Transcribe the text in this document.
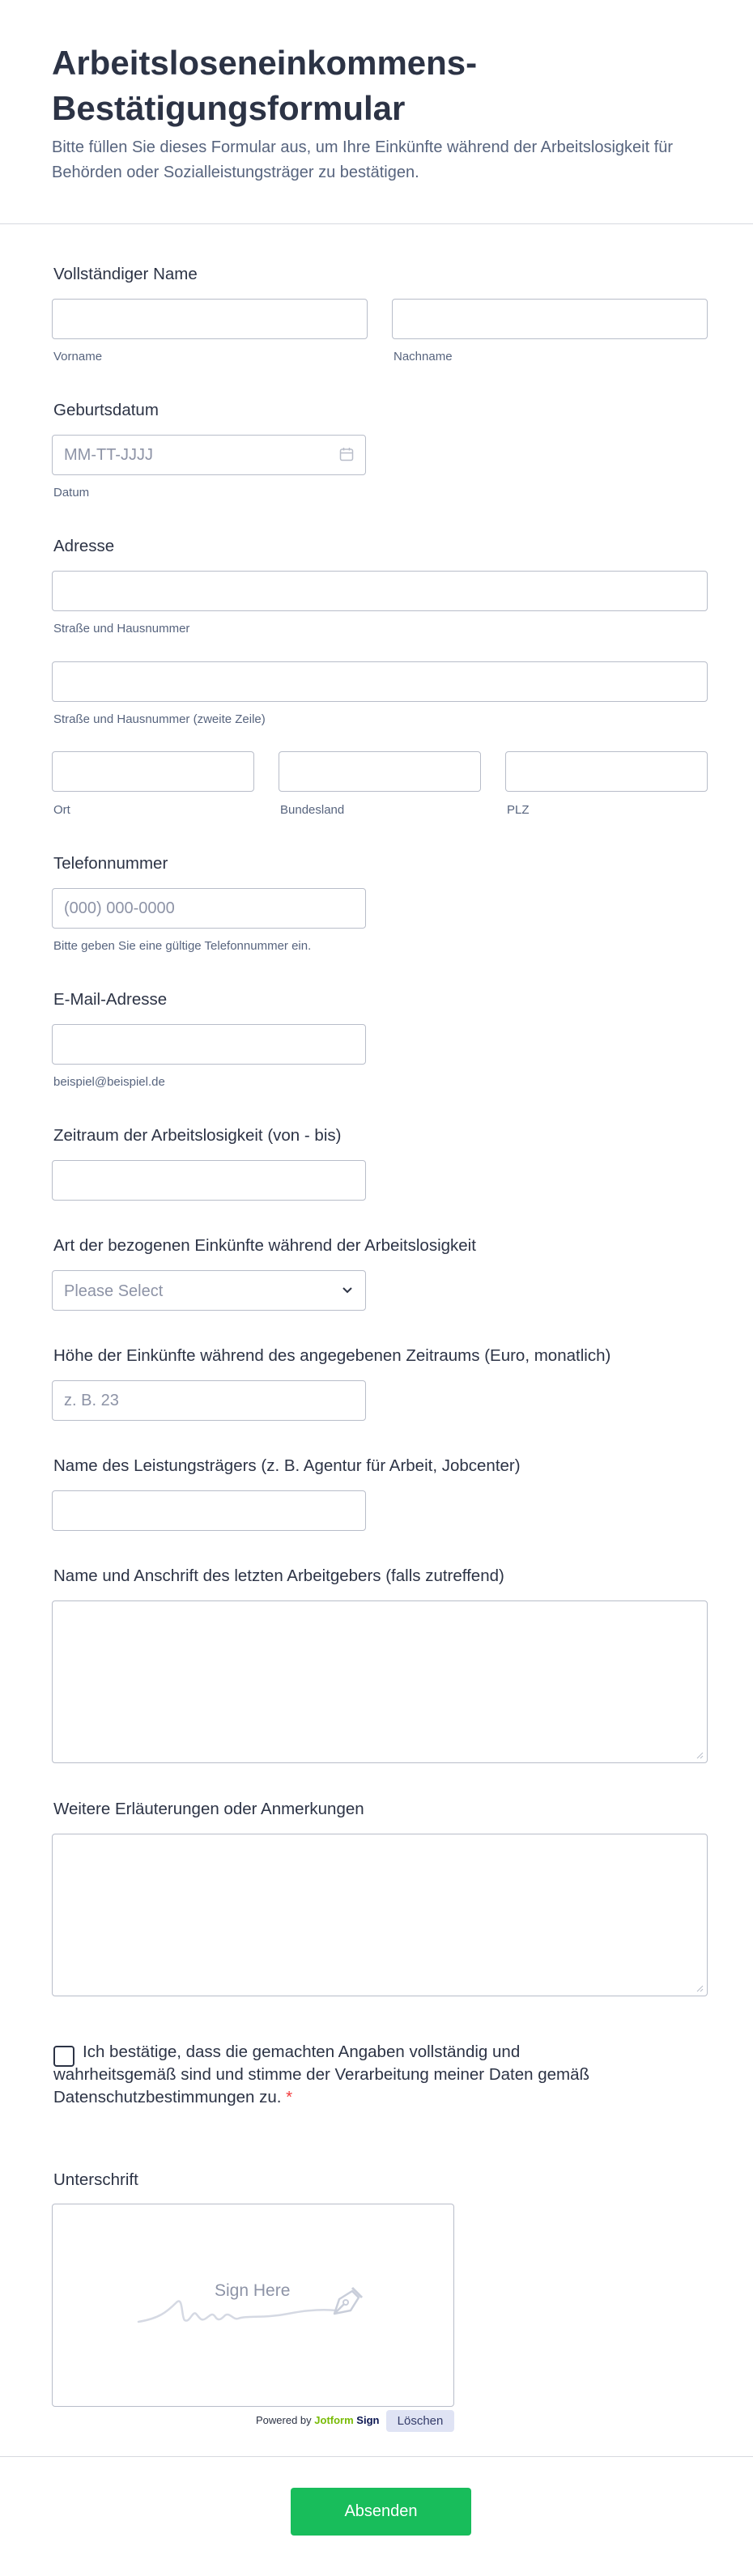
Arbeitsloseneinkommens-Bestätigungsformular

Bitte füllen Sie dieses Formular aus, um Ihre Einkünfte während der Arbeitslosigkeit für Behörden oder Sozialleistungsträger zu bestätigen.

Vollständiger Name
Vorname	Nachname
Geburtsdatum
MM-TT-JJJJ
Datum
Adresse
Straße und Hausnummer
Straße und Hausnummer (zweite Zeile)
Ort	Bundesland	PLZ
Telefonnummer
(000) 000-0000
Bitte geben Sie eine gültige Telefonnummer ein.
E-Mail-Adresse
beispiel@beispiel.de
Zeitraum der Arbeitslosigkeit (von - bis)
Art der bezogenen Einkünfte während der Arbeitslosigkeit
Please Select
Höhe der Einkünfte während des angegebenen Zeitraums (Euro, monatlich)
z. B. 23
Name des Leistungsträgers (z. B. Agentur für Arbeit, Jobcenter)
Name und Anschrift des letzten Arbeitgebers (falls zutreffend)
Weitere Erläuterungen oder Anmerkungen

Ich bestätige, dass die gemachten Angaben vollständig und wahrheitsgemäß sind und stimme der Verarbeitung meiner Daten gemäß Datenschutzbestimmungen zu. *

Unterschrift
Sign Here
Powered by Jotform Sign	Löschen
Absenden
